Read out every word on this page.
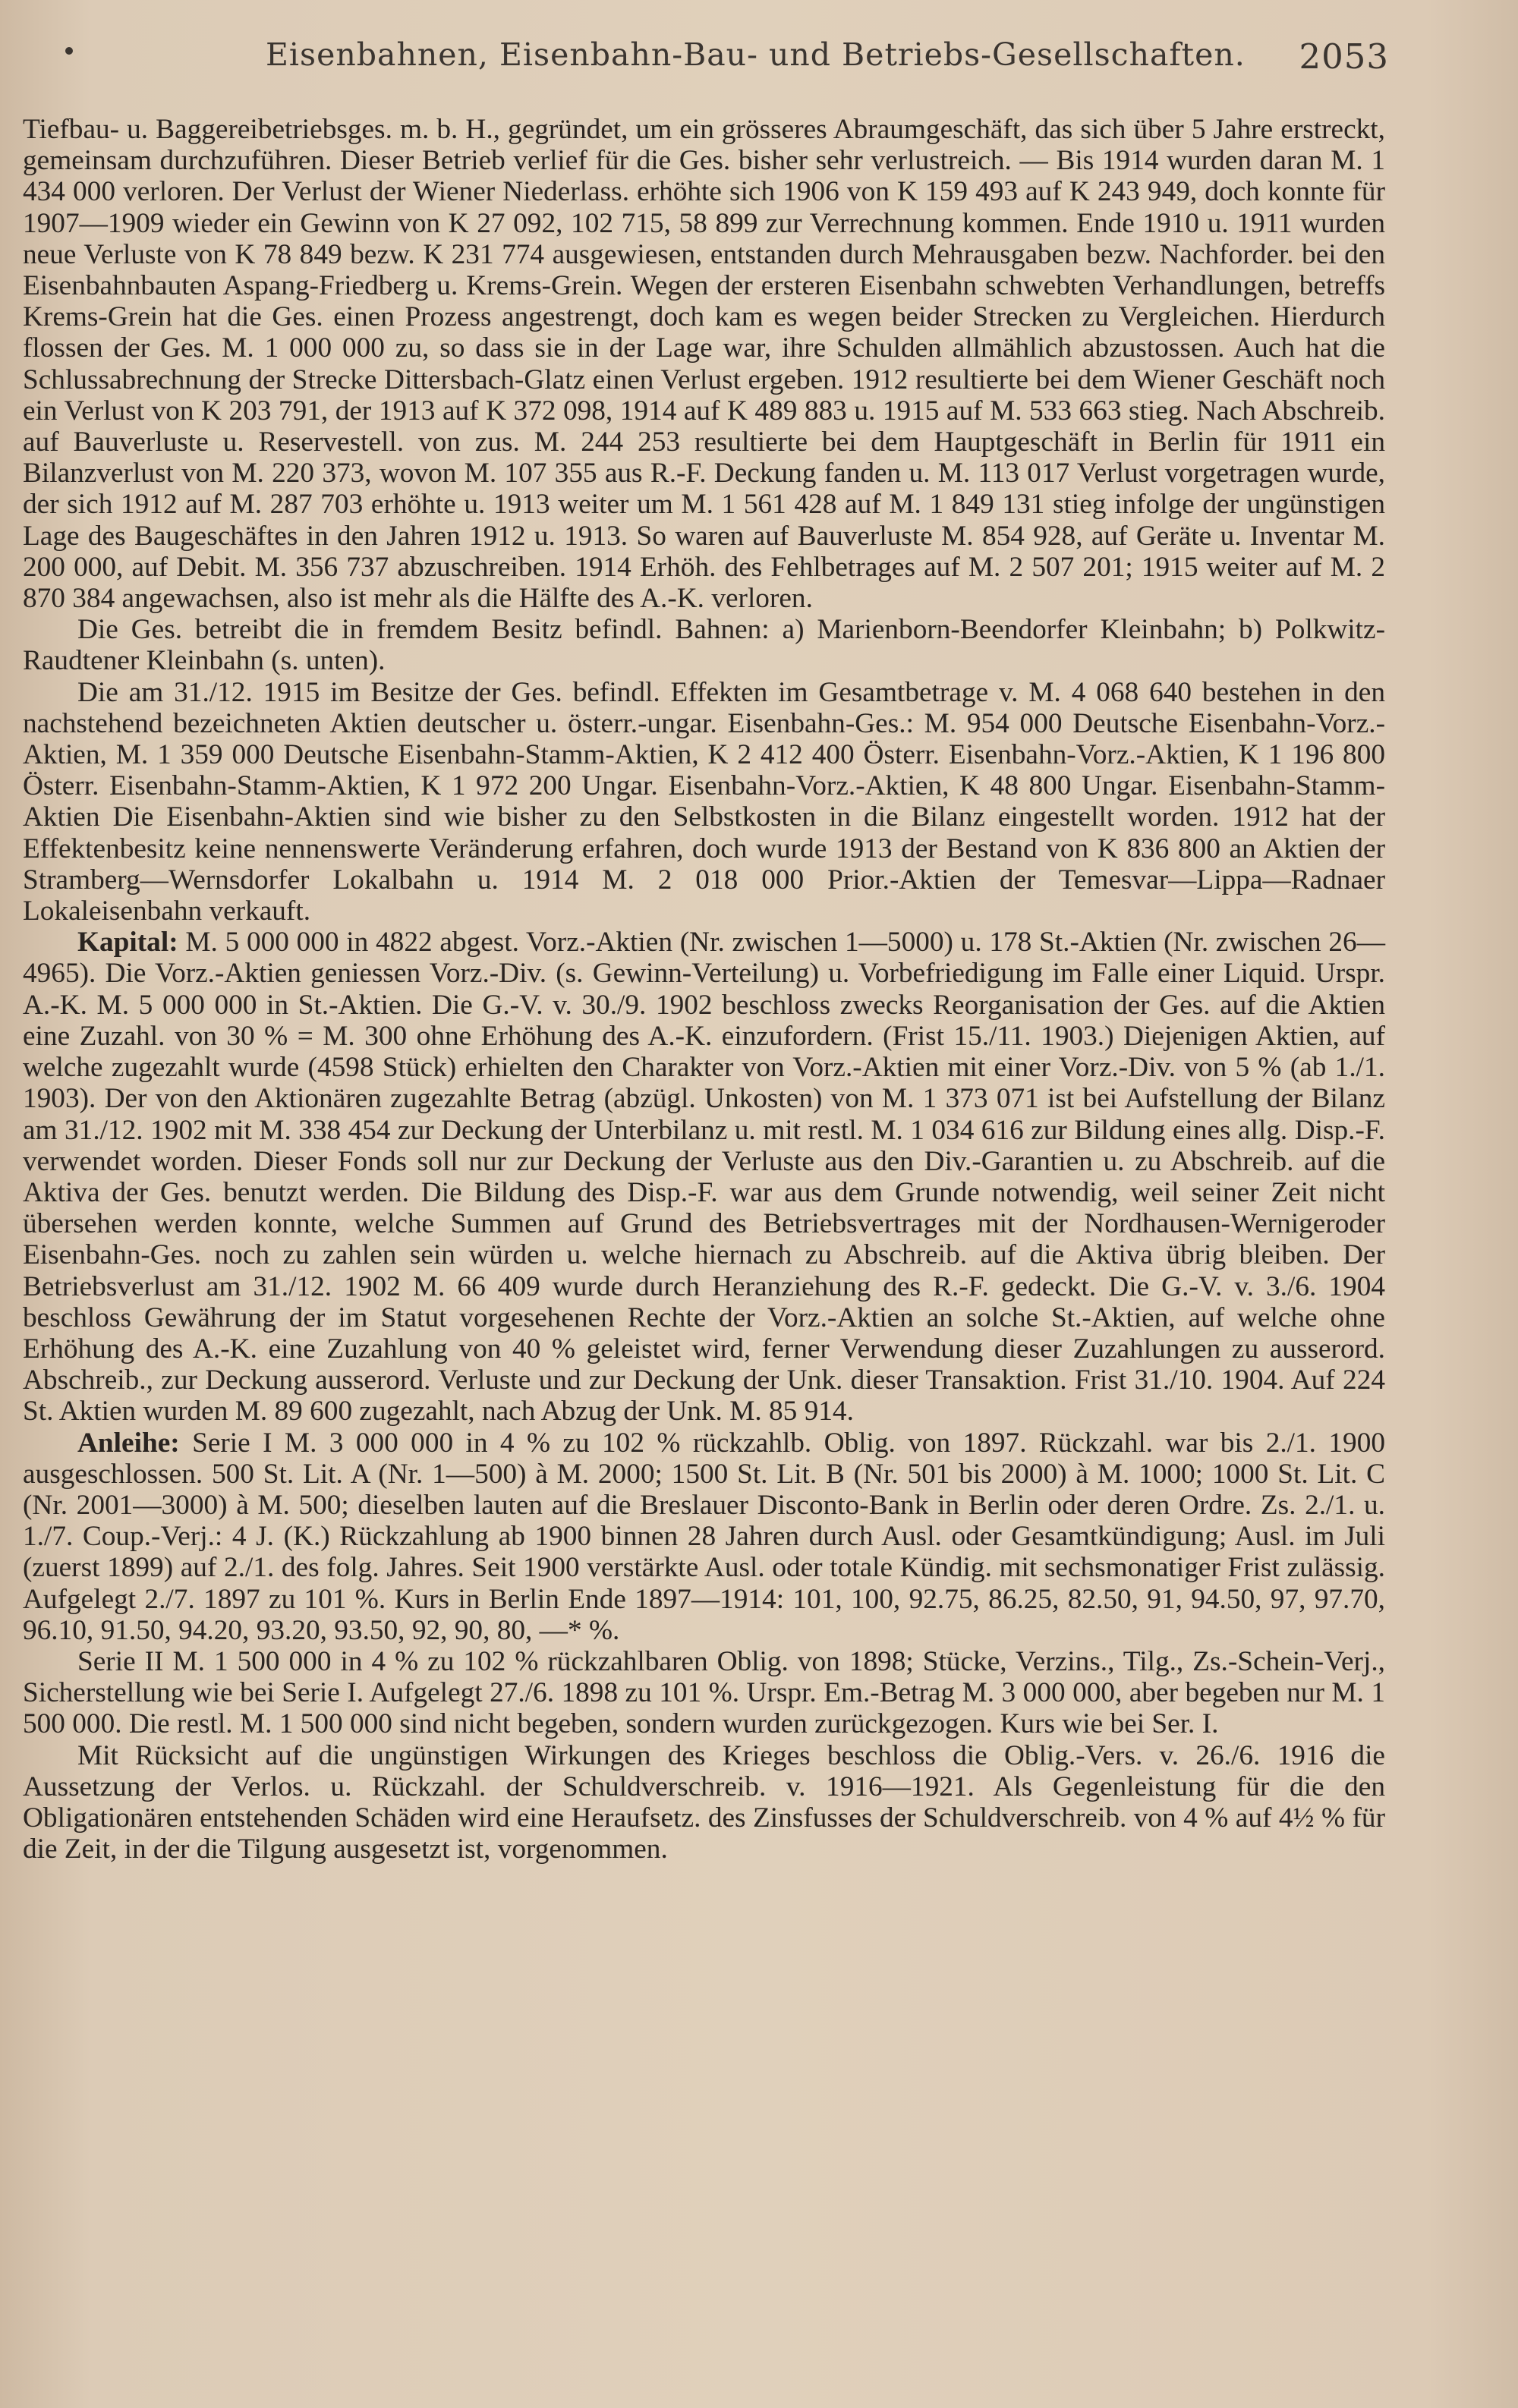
Eisenbahnen, Eisenbahn-Bau- und Betriebs-Gesellschaften. 2053

Tiefbau- u. Baggereibetriebsges. m. b. H., gegründet, um ein grösseres Abraumgeschäft, das sich über 5 Jahre erstreckt, gemeinsam durchzuführen. Dieser Betrieb verlief für die Ges. bisher sehr verlustreich. — Bis 1914 wurden daran M. 1 434 000 verloren. Der Verlust der Wiener Niederlass. erhöhte sich 1906 von K 159 493 auf K 243 949, doch konnte für 1907—1909 wieder ein Gewinn von K 27 092, 102 715, 58 899 zur Verrechnung kommen. Ende 1910 u. 1911 wurden neue Verluste von K 78 849 bezw. K 231 774 ausgewiesen, entstanden durch Mehrausgaben bezw. Nachforder. bei den Eisenbahnbauten Aspang-Friedberg u. Krems-Grein. Wegen der ersteren Eisenbahn schwebten Verhandlungen, betreffs Krems-Grein hat die Ges. einen Prozess angestrengt, doch kam es wegen beider Strecken zu Vergleichen. Hierdurch flossen der Ges. M. 1 000 000 zu, so dass sie in der Lage war, ihre Schulden allmählich abzustossen. Auch hat die Schlussabrechnung der Strecke Dittersbach-Glatz einen Verlust ergeben. 1912 resultierte bei dem Wiener Geschäft noch ein Verlust von K 203 791, der 1913 auf K 372 098, 1914 auf K 489 883 u. 1915 auf M. 533 663 stieg. Nach Abschreib. auf Bauverluste u. Reservestell. von zus. M. 244 253 resultierte bei dem Hauptgeschäft in Berlin für 1911 ein Bilanzverlust von M. 220 373, wovon M. 107 355 aus R.-F. Deckung fanden u. M. 113 017 Verlust vorgetragen wurde, der sich 1912 auf M. 287 703 erhöhte u. 1913 weiter um M. 1 561 428 auf M. 1 849 131 stieg infolge der ungünstigen Lage des Baugeschäftes in den Jahren 1912 u. 1913. So waren auf Bauverluste M. 854 928, auf Geräte u. Inventar M. 200 000, auf Debit. M. 356 737 abzuschreiben. 1914 Erhöh. des Fehlbetrages auf M. 2 507 201; 1915 weiter auf M. 2 870 384 angewachsen, also ist mehr als die Hälfte des A.-K. verloren.

Die Ges. betreibt die in fremdem Besitz befindl. Bahnen: a) Marienborn-Beendorfer Kleinbahn; b) Polkwitz-Raudtener Kleinbahn (s. unten).

Die am 31./12. 1915 im Besitze der Ges. befindl. Effekten im Gesamtbetrage v. M. 4 068 640 bestehen in den nachstehend bezeichneten Aktien deutscher u. österr.-ungar. Eisenbahn-Ges.: M. 954 000 Deutsche Eisenbahn-Vorz.-Aktien, M. 1 359 000 Deutsche Eisenbahn-Stamm-Aktien, K 2 412 400 Österr. Eisenbahn-Vorz.-Aktien, K 1 196 800 Österr. Eisenbahn-Stamm-Aktien, K 1 972 200 Ungar. Eisenbahn-Vorz.-Aktien, K 48 800 Ungar. Eisenbahn-Stamm-Aktien Die Eisenbahn-Aktien sind wie bisher zu den Selbstkosten in die Bilanz eingestellt worden. 1912 hat der Effektenbesitz keine nennenswerte Veränderung erfahren, doch wurde 1913 der Bestand von K 836 800 an Aktien der Stramberg—Wernsdorfer Lokalbahn u. 1914 M. 2 018 000 Prior.-Aktien der Temesvar—Lippa—Radnaer Lokaleisenbahn verkauft.

Kapital: M. 5 000 000 in 4822 abgest. Vorz.-Aktien (Nr. zwischen 1—5000) u. 178 St.-Aktien (Nr. zwischen 26—4965). Die Vorz.-Aktien geniessen Vorz.-Div. (s. Gewinn-Verteilung) u. Vorbefriedigung im Falle einer Liquid. Urspr. A.-K. M. 5 000 000 in St.-Aktien. Die G.-V. v. 30./9. 1902 beschloss zwecks Reorganisation der Ges. auf die Aktien eine Zuzahl. von 30 % = M. 300 ohne Erhöhung des A.-K. einzufordern. (Frist 15./11. 1903.) Diejenigen Aktien, auf welche zugezahlt wurde (4598 Stück) erhielten den Charakter von Vorz.-Aktien mit einer Vorz.-Div. von 5 % (ab 1./1. 1903). Der von den Aktionären zugezahlte Betrag (abzügl. Unkosten) von M. 1 373 071 ist bei Aufstellung der Bilanz am 31./12. 1902 mit M. 338 454 zur Deckung der Unterbilanz u. mit restl. M. 1 034 616 zur Bildung eines allg. Disp.-F. verwendet worden. Dieser Fonds soll nur zur Deckung der Verluste aus den Div.-Garantien u. zu Abschreib. auf die Aktiva der Ges. benutzt werden. Die Bildung des Disp.-F. war aus dem Grunde notwendig, weil seiner Zeit nicht übersehen werden konnte, welche Summen auf Grund des Betriebsvertrages mit der Nordhausen-Wernigeroder Eisenbahn-Ges. noch zu zahlen sein würden u. welche hiernach zu Abschreib. auf die Aktiva übrig bleiben. Der Betriebsverlust am 31./12. 1902 M. 66 409 wurde durch Heranziehung des R.-F. gedeckt. Die G.-V. v. 3./6. 1904 beschloss Gewährung der im Statut vorgesehenen Rechte der Vorz.-Aktien an solche St.-Aktien, auf welche ohne Erhöhung des A.-K. eine Zuzahlung von 40 % geleistet wird, ferner Verwendung dieser Zuzahlungen zu ausserord. Abschreib., zur Deckung ausserord. Verluste und zur Deckung der Unk. dieser Transaktion. Frist 31./10. 1904. Auf 224 St. Aktien wurden M. 89 600 zugezahlt, nach Abzug der Unk. M. 85 914.

Anleihe: Serie I M. 3 000 000 in 4 % zu 102 % rückzahlb. Oblig. von 1897. Rückzahl. war bis 2./1. 1900 ausgeschlossen. 500 St. Lit. A (Nr. 1—500) à M. 2000; 1500 St. Lit. B (Nr. 501 bis 2000) à M. 1000; 1000 St. Lit. C (Nr. 2001—3000) à M. 500; dieselben lauten auf die Breslauer Disconto-Bank in Berlin oder deren Ordre. Zs. 2./1. u. 1./7. Coup.-Verj.: 4 J. (K.) Rückzahlung ab 1900 binnen 28 Jahren durch Ausl. oder Gesamtkündigung; Ausl. im Juli (zuerst 1899) auf 2./1. des folg. Jahres. Seit 1900 verstärkte Ausl. oder totale Kündig. mit sechsmonatiger Frist zulässig. Aufgelegt 2./7. 1897 zu 101 %. Kurs in Berlin Ende 1897—1914: 101, 100, 92.75, 86.25, 82.50, 91, 94.50, 97, 97.70, 96.10, 91.50, 94.20, 93.20, 93.50, 92, 90, 80, —* %.

Serie II M. 1 500 000 in 4 % zu 102 % rückzahlbaren Oblig. von 1898; Stücke, Verzins., Tilg., Zs.-Schein-Verj., Sicherstellung wie bei Serie I. Aufgelegt 27./6. 1898 zu 101 %. Urspr. Em.-Betrag M. 3 000 000, aber begeben nur M. 1 500 000. Die restl. M. 1 500 000 sind nicht begeben, sondern wurden zurückgezogen. Kurs wie bei Ser. I.

Mit Rücksicht auf die ungünstigen Wirkungen des Krieges beschloss die Oblig.-Vers. v. 26./6. 1916 die Aussetzung der Verlos. u. Rückzahl. der Schuldverschreib. v. 1916—1921. Als Gegenleistung für die den Obligationären entstehenden Schäden wird eine Heraufsetz. des Zinsfusses der Schuldverschreib. von 4 % auf 4½ % für die Zeit, in der die Tilgung ausgesetzt ist, vorgenommen.
